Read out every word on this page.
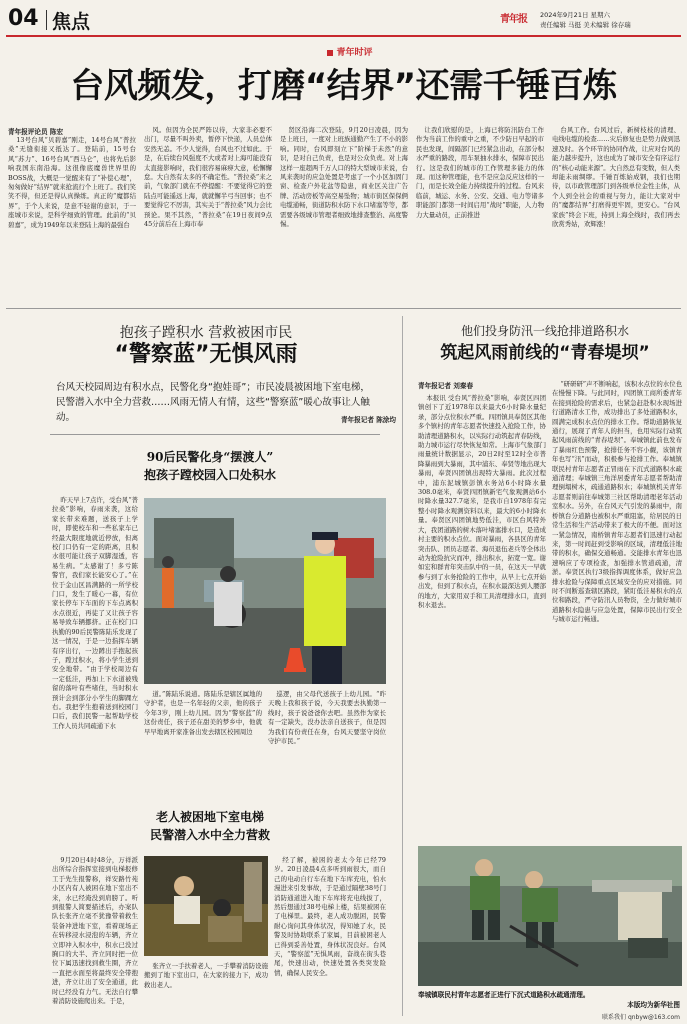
04 焦点	青年报 2024年9月21日 星期六
责任编辑 马挺 美术编辑 徐存瑞
青年时评
台风频发，打磨“结界”还需千锤百炼
青年报评论员 陈宏

13号台风“贝碧嘉”刚走，14号台风“普拉桑”无缝衔接又抵达了。登陆前，15号台风“苏力”、16号台风“西马仑”，也将先后影响我国东南沿海。这很像底魔兽世界里的BOSS战，大概是一觉醒来有了“补偿心理”，匆匆做好“结界”就来抢流行个上班了。我们笑笑不得，但还是得认真操练。真正的“魔都结界”，于个人来说，是意不轻谢的意识，于一座城市来说，是科学细致的管理。此前的“贝碧嘉”，成为1949年以来登陆上海的最强台

风。但因为全民严阵以待，大家非必要不出门，尽量不叫外卖，暂停下快递，人员总体安然无恙。不少人觉得，台风也不过如此。于是，在后续台风强度不大或者对上海可能没有太直接影响时，我们很容易麻痹大意，松懈懈怠。大自然有太多的不确定性。“普拉桑”来之前，气象部门就在不停提醒：不要觉得它的登陆点可能遥远上海，就就懈半弓当回事；也不要觉得它不厉害，其实关于“普拉桑”风力会比预论。果不其然，“普拉桑”在19日夜间9点45分前后在上海市奉

贤区沿海二次登陆，9月20日凌晨，因为是上班日，一度对上班族通勤产生了不小的影响。同时，台风即刻立下“阶梯于未然”的意识，是对自己负责，也是对公众负责。对上海这样一座超两千万人口的特大型城市来说，台风来袭时的应急处置是考虑了一个小区加固门窗、检查户外花盆等隐患，商业区关注广告牌、活动房板等高空易坠物；城市街区保保俩电缆通畅，街道防积水防下水口堵塞等等，都需要各级城市管理者细致地排查整治、高度警惕。

让我们欣慰的是，上海已将防汛防台工作作为当前工作的重中之重，不少防日早起的市民也发现，间隔部门已经紧急出动，在部分积水严重的路段，用车泵抽水排水，保障市民出行。这是我们的城市的工作管理多能力的体现。而这种管理能，也不是应急反应这样的一门，而是长效全能力持续提升的过程。台风来临前，城运、水务、公安、交通、电力等诸多职能部门都第一时间启用“战时”职能，人力物力大量动员，正前推进

台风工作。台风过后，新树枝枝的清理、电线电缆的检查……灾后修复也是势力做到迅速及时。各个环节的协同作战，让应对台风的能力越步提升，这也成为了城市安全有序运行的“核心动能来源”。大自然总有变数，但人类却能未雨绸缪。千锤百炼始成钢，我们也期待，以市政管理部门到各级单位金性主体，从个人到全社会的重视与努力，能让大家对中的“魔都结界”打磨得更牢固，更安心。“台风家族”终会下班，持到上海全线时，我们再去欣赏秀姑，欢辉涨！

抱孩子蹚积水 营救被困市民
“警察蓝”无惧风雨
台风天校园周边有积水点，民警化身“抱娃哥”；市民凌晨被困地下室电梯，民警潜入水中全力营救……风雨无情人有情，这些“警察蓝”暖心故事让人触动。	青年报记者 陈涂均
90后民警化身“摆渡人”
抱孩子蹚校园入口处积水

昨天早上7点许，受台风“普拉桑”影响，春雨来袭，这给家长带来难题，送孩子上学时，即使校车和一些私家车已经最大限度地就近停放，但离校门口仍有一定的距离，且积水很可能让孩子双脚湿透，容易生病。“太感谢了！多亏陈警官，我们家长能安心了。”在位于金山区昌满路的一所学校门口，发生了暖心一幕，有位家长停车下车面的下车点离积水点很近，再徒了又让孩子容易导致车辆挪挤。正在校门口执勤的90后民警陈陆乐发现了这一情况，于是一边指挥车辆有序出行，一边蹲出手抱起孩子，蹚过积水，将小学生送到安全地带。“由于学校周边有一定低洼，再加上下水道被残留的落叶有些堵住，当时积水预计会到部分小学生的脚踝左右。我把学生抱着送到校园门口后，我们民警一起帮助学校工作人员共同疏通下水

道。”陈陆乐说道。陈陆乐是辖区属地的守护者，也是一名年轻的父亲，他的孩子今年3岁，刚上幼儿园。因为“警察蓝”的这份责任，孩子还在甜美的梦乡中，他就早早地离开家准备出发去辖区校园周边

巡逻，由父母代送孩子上幼儿园。“昨天晚上我和孩子说，今天我要去执勤第一线时，孩子说爸爸你去吧。虽然作为家长有一定缺失，没办法亲自送孩子，但是因为我们有份责任在身，台风天要坚守岗位守护市民。”

老人被困地下室电梯
民警潜入水中全力营救

9月20日4时48分，万祥派出所综合指挥室接到电梯报修工于先生报警称，祥安路竹苑小区内有人被困在地下室出不来，水已经淹没到肩膀了。听到报警人简要描述后，办案队队长张齐立毫不犹豫带着救生装备冲进地下室，看着现场正在转移浸水浸泡的车辆，齐立立即冲入积水中，积水已没过胸口的大半、齐立同时把一位位下属迅速找到救生圈，齐立一直把水面至将最终安全带抱进，齐立让出了安全通道，此时已经没有力气。无法自行攀着消防设施爬出来。于是，

张齐立一手扶着老人，一手攀着消防设施搬到了地下室出口，在大家的接力下，成功救出老人。

经了解，被困的老太今年已经79岁。20日凌晨4点多听到雨很大，而自己的电动自行车在地下车库充电，怕水漫进来引发事故，于是通过隔壁38号门消防通道进入地下车库将充电线拔了，然后想通过38号电梯上楼，结果被困在了电梯里。最终，老人成功脱困，民警耐心询问其身体状况，得知她了水，民警及时协助联系了家属，目前被困老人已得到妥善处置，身体状况良好。台风天，“警察蓝”无惧风雨，奋战在街头巷尾，快速出动，快速处置各类突发险情，确保人民安全。

他们投身防汛一线抢排道路积水
筑起风雨前线的“青春堤坝”
青年报记者 刘秦春

本报讯 受台风“普拉桑”影响，奉贤区四团镇创下了近1978年以来最大6小时降水量纪录，部分点位积水严重。四团镇具奉贤区其他多个镇村的青年志愿者快速投入抢险工作，协助清理道路积水，以实际行动筑起青春防线，助力城市运行尽快恢复如常。上海市气象部门雨量统计数据显示，20日2时至12时全市普降暴雨到大暴雨，其中浦东、奉贤等地出现大暴雨，奉贤四团镇出现特大暴雨。此次过程中，浦东泥城镇彭镇水务站6小时降水量308.0毫米，奉贤四团镇新宅气象观测站6小时降水量327.7毫米，是我市自1978年有完整小时降水观测资料以来，最大的6小时降水量。奉贤区四团镇地势低洼，市区台风特外大，我团道路的树木落叶堵塞排水口，是造成村主要的积水点位。面对暴雨，各县区的青年突击队、团员志愿者、海员退伍老兵等全体出动为抢险抗灾而冲，排出积水，拓宽一宽。谢如宏和群青年突击队中的一员，在这天一早就参与到了水务抢险的工作中，从早上七点开始出发，但到了积水点，在积水最深达到人腰部的地方，大家用双手和工具清理排水口，直到积水退去。

“研研研”声不断响起，该积水点位的水位也在慢慢下降。与此同时，四团镇工商所委青年在接到抢险的需求后，也紧急赶赴积水现场进行道路清水工作，成功排出了多处道路积水，圆满完成积水点位的排水工作。帮助道路恢复通行，展现了青年人的担当，也用实际行动筑起风雨前线的“青春堤坝”。奉城镇此前也发布了暴雨红色预警，抢排任务不容小觑，该镇青年也写“汛”而动，积极参与抢排工作。奉城镇联民村青年志愿者正冒雨在下沉式道路积水疏通清理；奉城镇三角洋居委青年志愿者帮助清理倒塌树木，疏通道路积水；奉城镇机关青年志愿者则前往奉城第三社区帮助清理老年活动室积水。另外，在台风天气引发的暴雨中，南桥镇台分道路也被积水严重阻塞，给居民的日常生活和生产活动带来了极大的不便。面对这一紧急情况，南桥镇青年志愿者们迅速行动起来，第一时间赶到受影响的区域，清理低洼地带的积水，确保交通畅通。交能排水青年也迅速响应了专项检查，加强排水管道疏通，清淤。奉贤区执行3级指挥调度体系，做好应急排水抢险与保障重点区域安全的应对措施。同时不间断巡查辖区路段，紧盯低洼易积水的点位和路段，严守防汛人员物资，全力做好城市道路积水隐患与应急处置，保障市民出行安全与城市运行畅通。

奉城镇联民村青年志愿者正进行下沉式道路积水疏通清理。
本版均为新华社图
联系我们 qnbyw@163.com
